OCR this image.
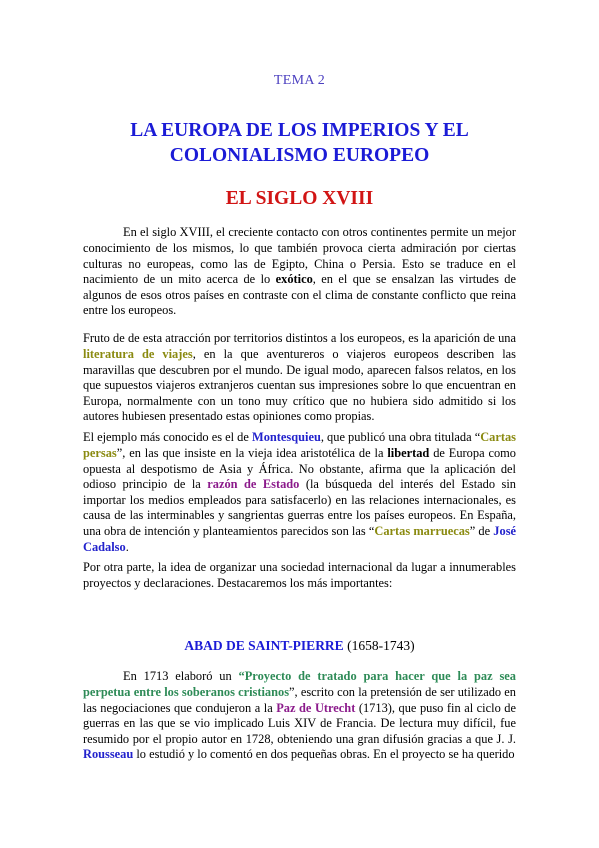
TEMA 2
LA EUROPA DE LOS IMPERIOS Y EL COLONIALISMO EUROPEO
EL SIGLO XVIII

En el siglo XVIII, el creciente contacto con otros continentes permite un mejor conocimiento de los mismos, lo que también provoca cierta admiración por ciertas culturas no europeas, como las de Egipto, China o Persia. Esto se traduce en el nacimiento de un mito acerca de lo exótico, en el que se ensalzan las virtudes de algunos de esos otros países en contraste con el clima de constante conflicto que reina entre los europeos.

Fruto de de esta atracción por territorios distintos a los europeos, es la aparición de una literatura de viajes, en la que aventureros o viajeros europeos describen las maravillas que descubren por el mundo. De igual modo, aparecen falsos relatos, en los que supuestos viajeros extranjeros cuentan sus impresiones sobre lo que encuentran en Europa, normalmente con un tono muy crítico que no hubiera sido admitido si los autores hubiesen presentado estas opiniones como propias.

El ejemplo más conocido es el de Montesquieu, que publicó una obra titulada “Cartas persas”, en las que insiste en la vieja idea aristotélica de la libertad de Europa como opuesta al despotismo de Asia y África. No obstante, afirma que la aplicación del odioso principio de la razón de Estado (la búsqueda del interés del Estado sin importar los medios empleados para satisfacerlo) en las relaciones internacionales, es causa de las interminables y sangrientas guerras entre los países europeos. En España, una obra de intención y planteamientos parecidos son las “Cartas marruecas” de José Cadalso.

Por otra parte, la idea de organizar una sociedad internacional da lugar a innumerables proyectos y declaraciones. Destacaremos los más importantes:

ABAD DE SAINT-PIERRE (1658-1743)

En 1713 elaboró un “Proyecto de tratado para hacer que la paz sea perpetua entre los soberanos cristianos”, escrito con la pretensión de ser utilizado en las negociaciones que condujeron a la Paz de Utrecht (1713), que puso fin al ciclo de guerras en las que se vio implicado Luis XIV de Francia. De lectura muy difícil, fue resumido por el propio autor en 1728, obteniendo una gran difusión gracias a que J. J. Rousseau lo estudió y lo comentó en dos pequeñas obras. En el proyecto se ha querido
